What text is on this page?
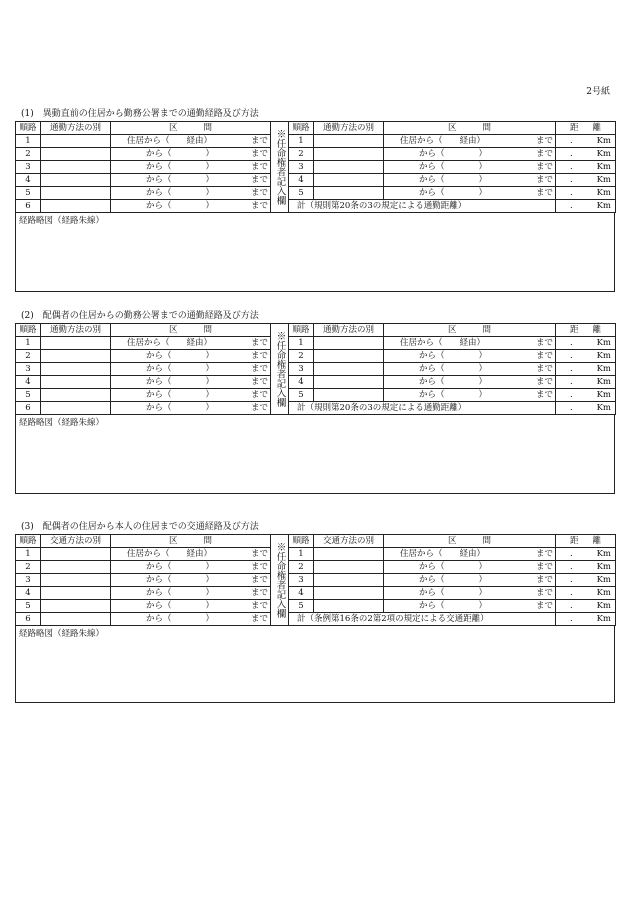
2号紙
(1)　異動直前の住居から勤務公署までの通勤経路及び方法
順路	通勤方法の別	区 間	※任命権者記入欄	順路	通勤方法の別	区 間	距 離

1		住居から（　　経由） まで		1		住居から（　　経由） まで	. Km

2		から（　　　　） まで		2		から（　　　　） まで	. Km

3		から（　　　　） まで		3		から（　　　　） まで	. Km

4		から（　　　　） まで		4		から（　　　　） まで	. Km

5		から（　　　　） まで		5		から（　　　　） まで	. Km

6		から（　　　　） まで		計（規則第20条の3の規定による通勤距離）			. Km
経路略図（経路朱線）
(2)　配偶者の住居からの勤務公署までの通勤経路及び方法
順路	通勤方法の別	区 間	※任命権者記入欄	順路	通勤方法の別	区 間	距 離

1		住居から（　　経由） まで		1		住居から（　　経由） まで	. Km

2		から（　　　　） まで		2		から（　　　　） まで	. Km

3		から（　　　　） まで		3		から（　　　　） まで	. Km

4		から（　　　　） まで		4		から（　　　　） まで	. Km

5		から（　　　　） まで		5		から（　　　　） まで	. Km

6		から（　　　　） まで		計（規則第20条の3の規定による通勤距離）			. Km
経路略図（経路朱線）
(3)　配偶者の住居から本人の住居までの交通経路及び方法
順路	交通方法の別	区 間	※任命権者記入欄	順路	交通方法の別	区 間	距 離

1		住居から（　　経由） まで		1		住居から（　　経由） まで	. Km

2		から（　　　　） まで		2		から（　　　　） まで	. Km

3		から（　　　　） まで		3		から（　　　　） まで	. Km

4		から（　　　　） まで		4		から（　　　　） まで	. Km

5		から（　　　　） まで		5		から（　　　　） まで	. Km

6		から（　　　　） まで		計（条例第16条の2第2項の規定による交通距離）			. Km
経路略図（経路朱線）
